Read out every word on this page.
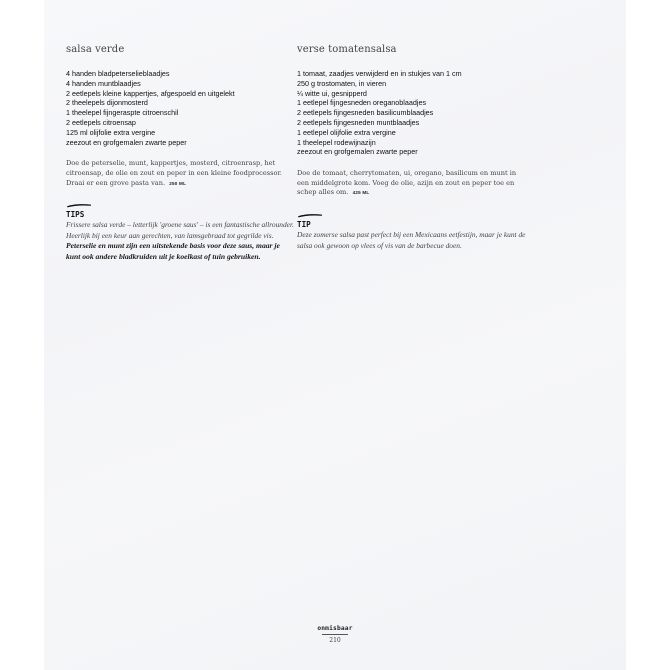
salsa verde
4 handen bladpeterselieblaadjes
4 handen muntblaadjes
2 eetlepels kleine kappertjes, afgespoeld en uitgelekt
2 theelepels dijonmosterd
1 theelepel fijngeraspte citroenschil
2 eetlepels citroensap
125 ml olijfolie extra vergine
zeezout en grofgemalen zwarte peper

Doe de peterselie, munt, kappertjes, mosterd, citroenrasp, het citroensap, de olie en zout en peper in een kleine foodprocessor. Draai er een grove pasta van. 250 ML

TIPS

Frissere salsa verde – letterlijk 'groene saus' – is een fantastische allrounder. Heerlijk bij een keur aan gerechten, van lamsgebraad tot gegrilde vis.

Peterselie en munt zijn een uitstekende basis voor deze saus, maar je kunt ook andere bladkruiden uit je koelkast of tuin gebruiken.

verse tomatensalsa
1 tomaat, zaadjes verwijderd en in stukjes van 1 cm
250 g trostomaten, in vieren
¼ witte ui, gesnipperd
1 eetlepel fijngesneden oreganoblaadjes
2 eetlepels fijngesneden basilicumblaadjes
2 eetlepels fijngesneden muntblaadjes
1 eetlepel olijfolie extra vergine
1 theelepel rodewijnazijn
zeezout en grofgemalen zwarte peper

Doe de tomaat, cherrytomaten, ui, oregano, basilicum en munt in een middelgrote kom. Voeg de olie, azijn en zout en peper toe en schep alles om. 425 ML

TIP

Deze zomerse salsa past perfect bij een Mexicaans eetfestijn, maar je kunt de salsa ook gewoon op vlees of vis van de barbecue doen.

onmisbaar
210
